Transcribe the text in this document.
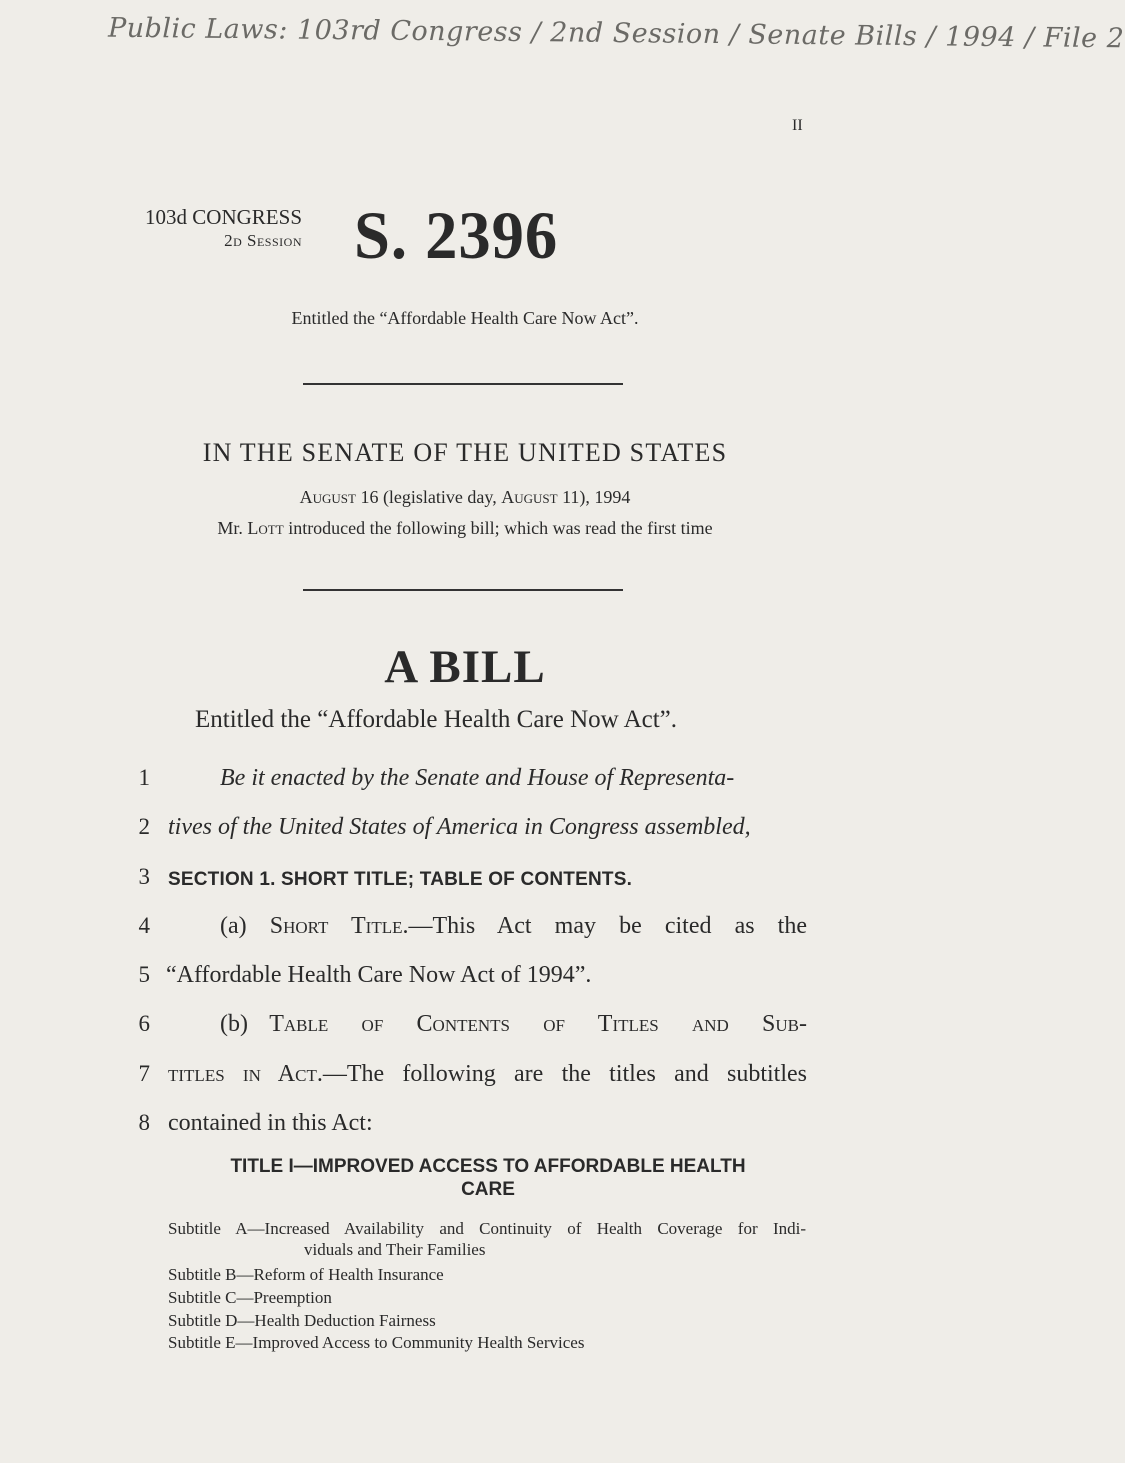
Public Laws: 103rd Congress / 2nd Session / Senate Bills / 1994 / File 2
II
103d CONGRESS
2d Session S. 2396
Entitled the “Affordable Health Care Now Act”.
IN THE SENATE OF THE UNITED STATES
August 16 (legislative day, August 11), 1994
Mr. Lott introduced the following bill; which was read the first time
A BILL
Entitled the “Affordable Health Care Now Act”.
1	Be it enacted by the Senate and House of Representa-
2 tives of the United States of America in Congress assembled,
3 SECTION 1. SHORT TITLE; TABLE OF CONTENTS.
4	(a) Short Title.—This Act may be cited as the
5 “Affordable Health Care Now Act of 1994”.
6	(b) Table of Contents of Titles and Sub-
7 titles in Act.—The following are the titles and subtitles
8 contained in this Act:
TITLE I—IMPROVED ACCESS TO AFFORDABLE HEALTH
CARE
Subtitle A—Increased Availability and Continuity of Health Coverage for Indi-
viduals and Their Families
Subtitle B—Reform of Health Insurance
Subtitle C—Preemption
Subtitle D—Health Deduction Fairness
Subtitle E—Improved Access to Community Health Services
